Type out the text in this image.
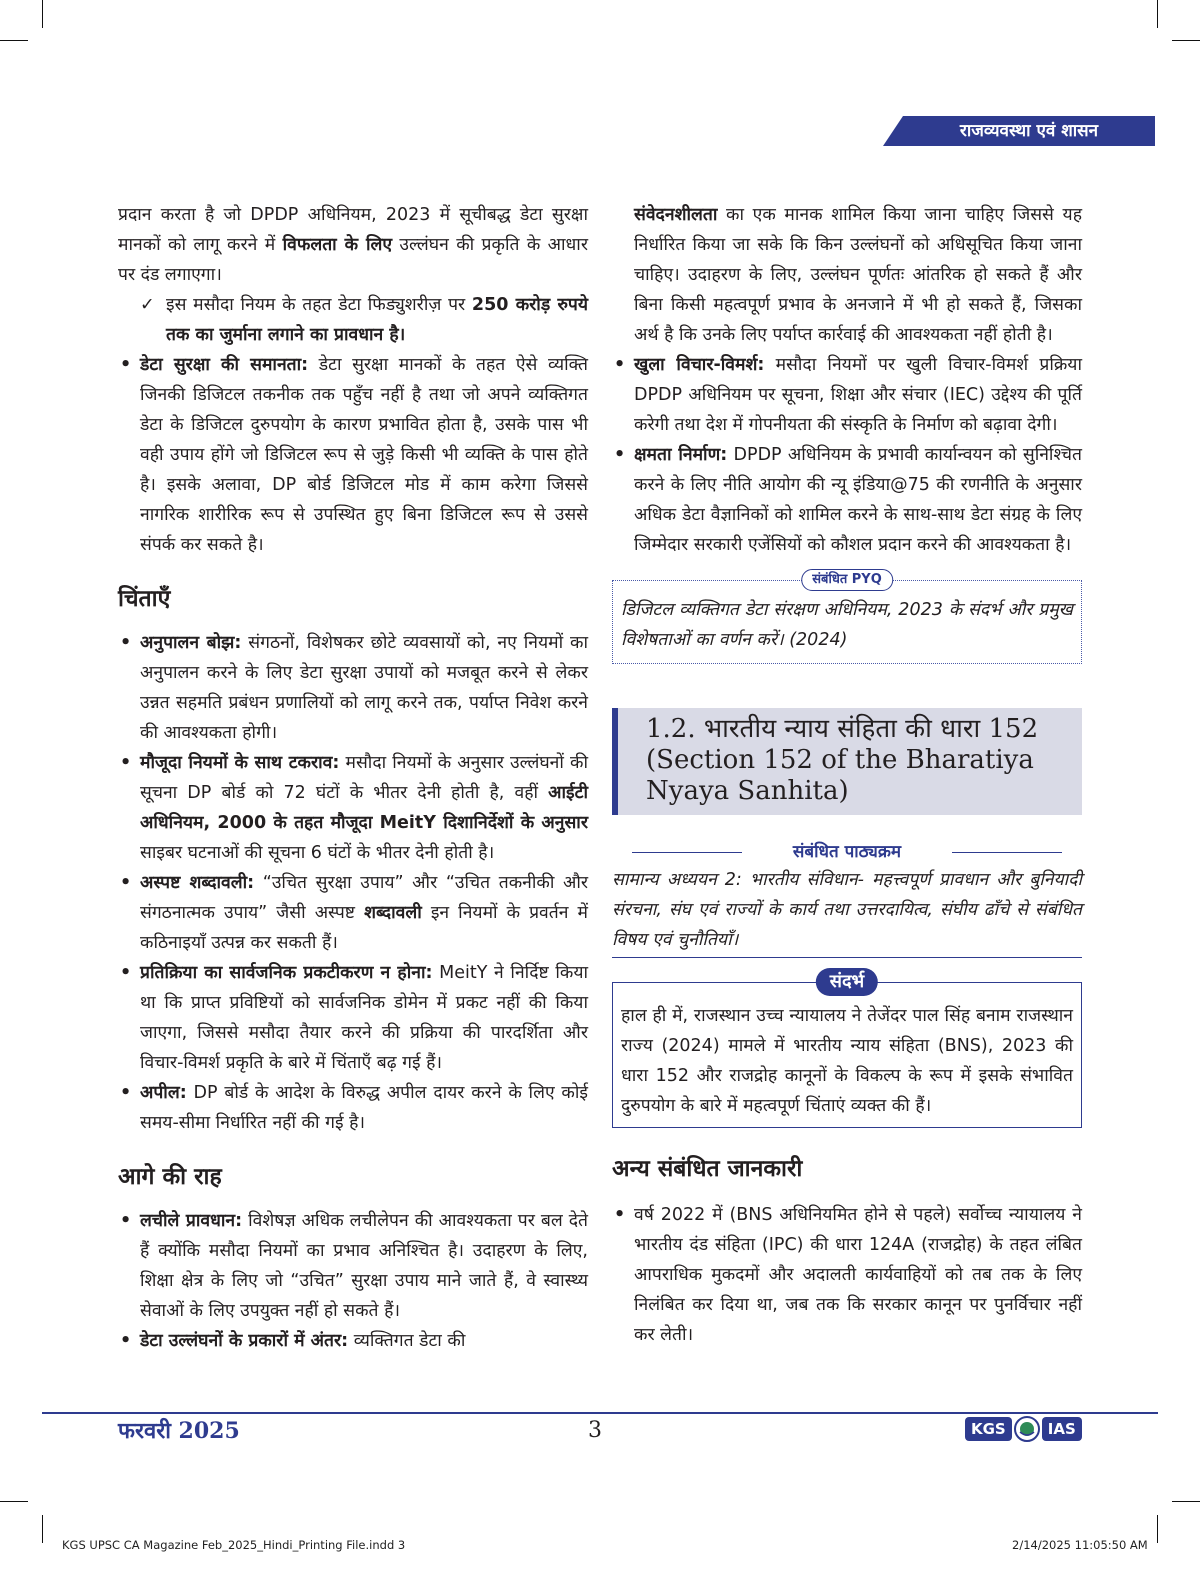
राजव्यवस्था एवं शासन

प्रदान करता है जो DPDP अधिनियम, 2023 में सूचीबद्ध डेटा सुरक्षा मानकों को लागू करने में विफलता के लिए उल्लंघन की प्रकृति के आधार पर दंड लगाएगा।

✓ इस मसौदा नियम के तहत डेटा फिड्युशरीज़ पर 250 करोड़ रुपये तक का जुर्माना लगाने का प्रावधान है।

• डेटा सुरक्षा की समानता: डेटा सुरक्षा मानकों के तहत ऐसे व्यक्ति जिनकी डिजिटल तकनीक तक पहुँच नहीं है तथा जो अपने व्यक्तिगत डेटा के डिजिटल दुरुपयोग के कारण प्रभावित होता है, उसके पास भी वही उपाय होंगे जो डिजिटल रूप से जुड़े किसी भी व्यक्ति के पास होते है। इसके अलावा, DP बोर्ड डिजिटल मोड में काम करेगा जिससे नागरिक शारीरिक रूप से उपस्थित हुए बिना डिजिटल रूप से उससे संपर्क कर सकते है।

चिंताएँ

• अनुपालन बोझ: संगठनों, विशेषकर छोटे व्यवसायों को, नए नियमों का अनुपालन करने के लिए डेटा सुरक्षा उपायों को मजबूत करने से लेकर उन्नत सहमति प्रबंधन प्रणालियों को लागू करने तक, पर्याप्त निवेश करने की आवश्यकता होगी।

• मौजूदा नियमों के साथ टकराव: मसौदा नियमों के अनुसार उल्लंघनों की सूचना DP बोर्ड को 72 घंटों के भीतर देनी होती है, वहीं आईटी अधिनियम, 2000 के तहत मौजूदा MeitY दिशानिर्देशों के अनुसार साइबर घटनाओं की सूचना 6 घंटों के भीतर देनी होती है।

• अस्पष्ट शब्दावली: “उचित सुरक्षा उपाय” और “उचित तकनीकी और संगठनात्मक उपाय” जैसी अस्पष्ट शब्दावली इन नियमों के प्रवर्तन में कठिनाइयाँ उत्पन्न कर सकती हैं।

• प्रतिक्रिया का सार्वजनिक प्रकटीकरण न होना: MeitY ने निर्दिष्ट किया था कि प्राप्त प्रविष्टियों को सार्वजनिक डोमेन में प्रकट नहीं की किया जाएगा, जिससे मसौदा तैयार करने की प्रक्रिया की पारदर्शिता और विचार-विमर्श प्रकृति के बारे में चिंताएँ बढ़ गई हैं।

• अपील: DP बोर्ड के आदेश के विरुद्ध अपील दायर करने के लिए कोई समय-सीमा निर्धारित नहीं की गई है।

आगे की राह

• लचीले प्रावधान: विशेषज्ञ अधिक लचीलेपन की आवश्यकता पर बल देते हैं क्योंकि मसौदा नियमों का प्रभाव अनिश्चित है। उदाहरण के लिए, शिक्षा क्षेत्र के लिए जो “उचित” सुरक्षा उपाय माने जाते हैं, वे स्वास्थ्य सेवाओं के लिए उपयुक्त नहीं हो सकते हैं।

• डेटा उल्लंघनों के प्रकारों में अंतर: व्यक्तिगत डेटा की

संवेदनशीलता का एक मानक शामिल किया जाना चाहिए जिससे यह निर्धारित किया जा सके कि किन उल्लंघनों को अधिसूचित किया जाना चाहिए। उदाहरण के लिए, उल्लंघन पूर्णतः आंतरिक हो सकते हैं और बिना किसी महत्वपूर्ण प्रभाव के अनजाने में भी हो सकते हैं, जिसका अर्थ है कि उनके लिए पर्याप्त कार्रवाई की आवश्यकता नहीं होती है।

• खुला विचार-विमर्श: मसौदा नियमों पर खुली विचार-विमर्श प्रक्रिया DPDP अधिनियम पर सूचना, शिक्षा और संचार (IEC) उद्देश्य की पूर्ति करेगी तथा देश में गोपनीयता की संस्कृति के निर्माण को बढ़ावा देगी।

• क्षमता निर्माण: DPDP अधिनियम के प्रभावी कार्यान्वयन को सुनिश्चित करने के लिए नीति आयोग की न्यू इंडिया@75 की रणनीति के अनुसार अधिक डेटा वैज्ञानिकों को शामिल करने के साथ-साथ डेटा संग्रह के लिए जिम्मेदार सरकारी एजेंसियों को कौशल प्रदान करने की आवश्यकता है।

संबंधित PYQ

डिजिटल व्यक्तिगत डेटा संरक्षण अधिनियम, 2023 के संदर्भ और प्रमुख विशेषताओं का वर्णन करें। (2024)

1.2. भारतीय न्याय संहिता की धारा 152
(Section 152 of the Bharatiya
Nyaya Sanhita)

संबंधित पाठ्यक्रम

सामान्य अध्ययन 2: भारतीय संविधान- महत्त्वपूर्ण प्रावधान और बुनियादी संरचना, संघ एवं राज्यों के कार्य तथा उत्तरदायित्व, संघीय ढाँचे से संबंधित विषय एवं चुनौतियाँ।

संदर्भ

हाल ही में, राजस्थान उच्च न्यायालय ने तेजेंदर पाल सिंह बनाम राजस्थान राज्य (2024) मामले में भारतीय न्याय संहिता (BNS), 2023 की धारा 152 और राजद्रोह कानूनों के विकल्प के रूप में इसके संभावित दुरुपयोग के बारे में महत्वपूर्ण चिंताएं व्यक्त की हैं।

अन्य संबंधित जानकारी

• वर्ष 2022 में (BNS अधिनियमित होने से पहले) सर्वोच्च न्यायालय ने भारतीय दंड संहिता (IPC) की धारा 124A (राजद्रोह) के तहत लंबित आपराधिक मुकदमों और अदालती कार्यवाहियों को तब तक के लिए निलंबित कर दिया था, जब तक कि सरकार कानून पर पुनर्विचार नहीं कर लेती।

फरवरी 2025	3	KGS	IAS
KGS UPSC CA Magazine Feb_2025_Hindi_Printing File.indd 3	2/14/2025 11:05:50 AM
